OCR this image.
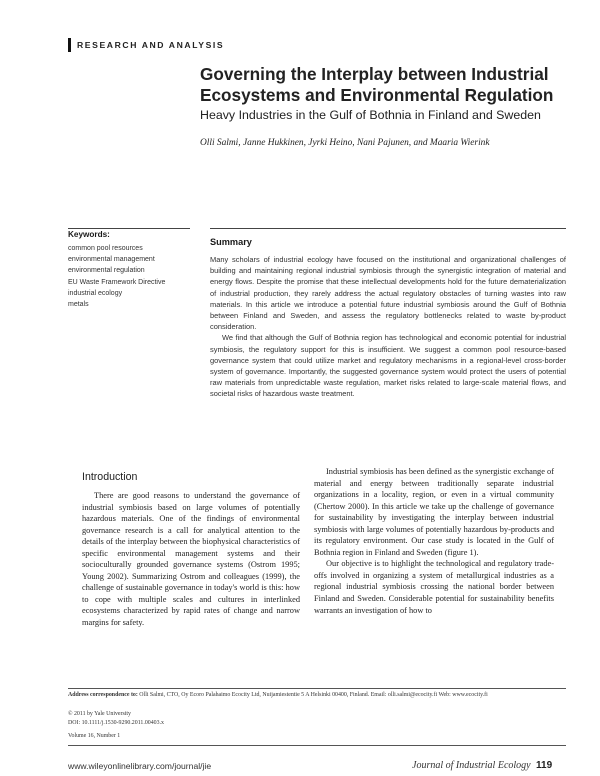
RESEARCH AND ANALYSIS
Governing the Interplay between Industrial Ecosystems and Environmental Regulation
Heavy Industries in the Gulf of Bothnia in Finland and Sweden
Olli Salmi, Janne Hukkinen, Jyrki Heino, Nani Pajunen, and Maaria Wierink
Keywords:
common pool resources
environmental management
environmental regulation
EU Waste Framework Directive
industrial ecology
metals
Summary

Many scholars of industrial ecology have focused on the institutional and organizational challenges of building and maintaining regional industrial symbiosis through the synergistic integration of material and energy flows. Despite the promise that these intellectual developments hold for the future dematerialization of industrial production, they rarely address the actual regulatory obstacles of turning wastes into raw materials. In this article we introduce a potential future industrial symbiosis around the Gulf of Bothnia between Finland and Sweden, and assess the regulatory bottlenecks related to waste by-product consideration.

We find that although the Gulf of Bothnia region has technological and economic potential for industrial symbiosis, the regulatory support for this is insufficient. We suggest a common pool resource-based governance system that could utilize market and regulatory mechanisms in a regional-level cross-border system of governance. Importantly, the suggested governance system would protect the users of potential raw materials from unpredictable waste regulation, market risks related to large-scale material flows, and societal risks of hazardous waste treatment.

Introduction

There are good reasons to understand the governance of industrial symbiosis based on large volumes of potentially hazardous materials. One of the findings of environmental governance research is a call for analytical attention to the details of the interplay between the biophysical characteristics of specific environmental management systems and their socioculturally grounded governance systems (Ostrom 1995; Young 2002). Summarizing Ostrom and colleagues (1999), the challenge of sustainable governance in today's world is this: how to cope with multiple scales and cultures in interlinked ecosystems characterized by rapid rates of change and narrow margins for safety.

Industrial symbiosis has been defined as the synergistic exchange of material and energy between traditionally separate industrial organizations in a locality, region, or even in a virtual community (Chertow 2000). In this article we take up the challenge of governance for sustainability by investigating the interplay between industrial symbiosis with large volumes of potentially hazardous by-products and its regulatory environment. Our case study is located in the Gulf of Bothnia region in Finland and Sweden (figure 1).

Our objective is to highlight the technological and regulatory trade-offs involved in organizing a system of metallurgical industries as a regional industrial symbiosis crossing the national border between Finland and Sweden. Considerable potential for sustainability benefits warrants an investigation of how to

Address correspondence to: Olli Salmi, CTO, Oy Ecoro Palahaimo Ecocity Ltd, Nuijamiestentie 5 A Helsinki 00400, Finland. Email: olli.salmi@ecocity.fi Web: www.ecocity.fi
© 2011 by Yale University
DOI: 10.1111/j.1530-9290.2011.00403.x
Volume 16, Number 1
www.wileyonlinelibrary.com/journal/jie	Journal of Industrial Ecology 119
